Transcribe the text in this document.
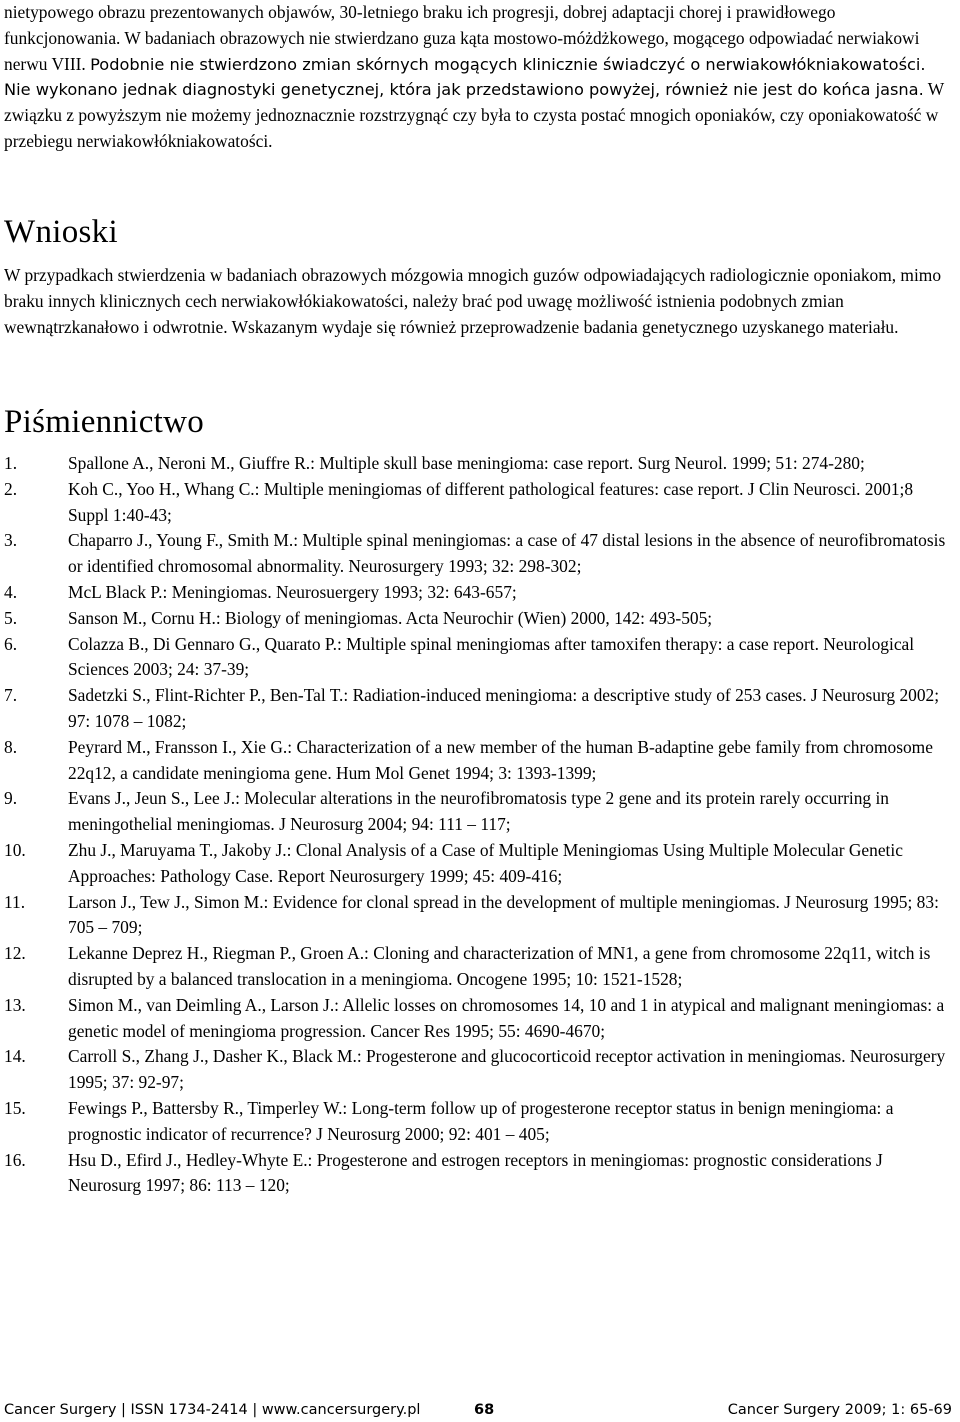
nietypowego obrazu prezentowanych objawów, 30-letniego braku ich progresji, dobrej adaptacji chorej i prawidłowego funkcjonowania. W badaniach obrazowych nie stwierdzano guza kąta mostowo-móżdżkowego, mogącego odpowiadać nerwiakowi nerwu VIII. Podobnie nie stwierdzono zmian skórnych mogących klinicznie świadczyć o nerwiakowłókniakowatości. Nie wykonano jednak diagnostyki genetycznej, która jak przedstawiono powyżej, również nie jest do końca jasna. W związku z powyższym nie możemy jednoznacznie rozstrzygnąć czy była to czysta postać mnogich oponiaków, czy oponiakowatość w przebiegu nerwiakowłókniakowatości.

Wnioski

W przypadkach stwierdzenia w badaniach obrazowych mózgowia mnogich guzów odpowiadających radiologicznie oponiakom, mimo braku innych klinicznych cech nerwiakowłókiakowatości, należy brać pod uwagę możliwość istnienia podobnych zmian wewnątrzkanałowo i odwrotnie. Wskazanym wydaje się również przeprowadzenie badania genetycznego uzyskanego materiału.

Piśmiennictwo
1.	Spallone A., Neroni M., Giuffre R.: Multiple skull base meningioma: case report. Surg Neurol. 1999; 51: 274-280;
2.	Koh C., Yoo H., Whang C.: Multiple meningiomas of different pathological features: case report. J Clin Neurosci. 2001;8 Suppl 1:40-43;
3.	Chaparro J., Young F., Smith M.: Multiple spinal meningiomas: a case of 47 distal lesions in the absence of neurofibromatosis or identified chromosomal abnormality. Neurosurgery 1993; 32: 298-302;
4.	McL Black P.: Meningiomas. Neurosuergery 1993; 32: 643-657;
5.	Sanson M., Cornu H.: Biology of meningiomas. Acta Neurochir (Wien) 2000, 142: 493-505;
6.	Colazza B., Di Gennaro G., Quarato P.: Multiple spinal meningiomas after tamoxifen therapy: a case report. Neurological Sciences 2003; 24: 37-39;
7.	Sadetzki S., Flint-Richter P., Ben-Tal T.: Radiation-induced meningioma: a descriptive study of 253 cases. J Neurosurg 2002; 97: 1078 – 1082;
8.	Peyrard M., Fransson I., Xie G.: Characterization of a new member of the human B-adaptine gebe family from chromosome 22q12, a candidate meningioma gene. Hum Mol Genet 1994; 3: 1393-1399;
9.	Evans J., Jeun S., Lee J.: Molecular alterations in the neurofibromatosis type 2 gene and its protein rarely occurring in meningothelial meningiomas. J Neurosurg 2004; 94: 111 – 117;
10.	Zhu J., Maruyama T., Jakoby J.: Clonal Analysis of a Case of Multiple Meningiomas Using Multiple Molecular Genetic Approaches: Pathology Case. Report Neurosurgery 1999; 45: 409-416;
11.	Larson J., Tew J., Simon M.: Evidence for clonal spread in the development of multiple meningiomas. J Neurosurg 1995; 83: 705 – 709;
12.	Lekanne Deprez H., Riegman P., Groen A.: Cloning and characterization of MN1, a gene from chromosome 22q11, witch is disrupted by a balanced translocation in a meningioma. Oncogene 1995; 10: 1521-1528;
13.	Simon M., van Deimling A., Larson J.: Allelic losses on chromosomes 14, 10 and 1 in atypical and malignant meningiomas: a genetic model of meningioma progression. Cancer Res 1995; 55: 4690-4670;
14.	Carroll S., Zhang J., Dasher K., Black M.: Progesterone and glucocorticoid receptor activation in meningiomas. Neurosurgery 1995; 37: 92-97;
15.	Fewings P., Battersby R., Timperley W.: Long-term follow up of progesterone receptor status in benign meningioma: a prognostic indicator of recurrence? J Neurosurg 2000; 92: 401 – 405;
16.	Hsu D., Efird J., Hedley-Whyte E.: Progesterone and estrogen receptors in meningiomas: prognostic considerations J Neurosurg 1997; 86: 113 – 120;
Cancer Surgery | ISSN 1734-2414 | www.cancersurgery.pl	68	Cancer Surgery 2009; 1: 65-69
